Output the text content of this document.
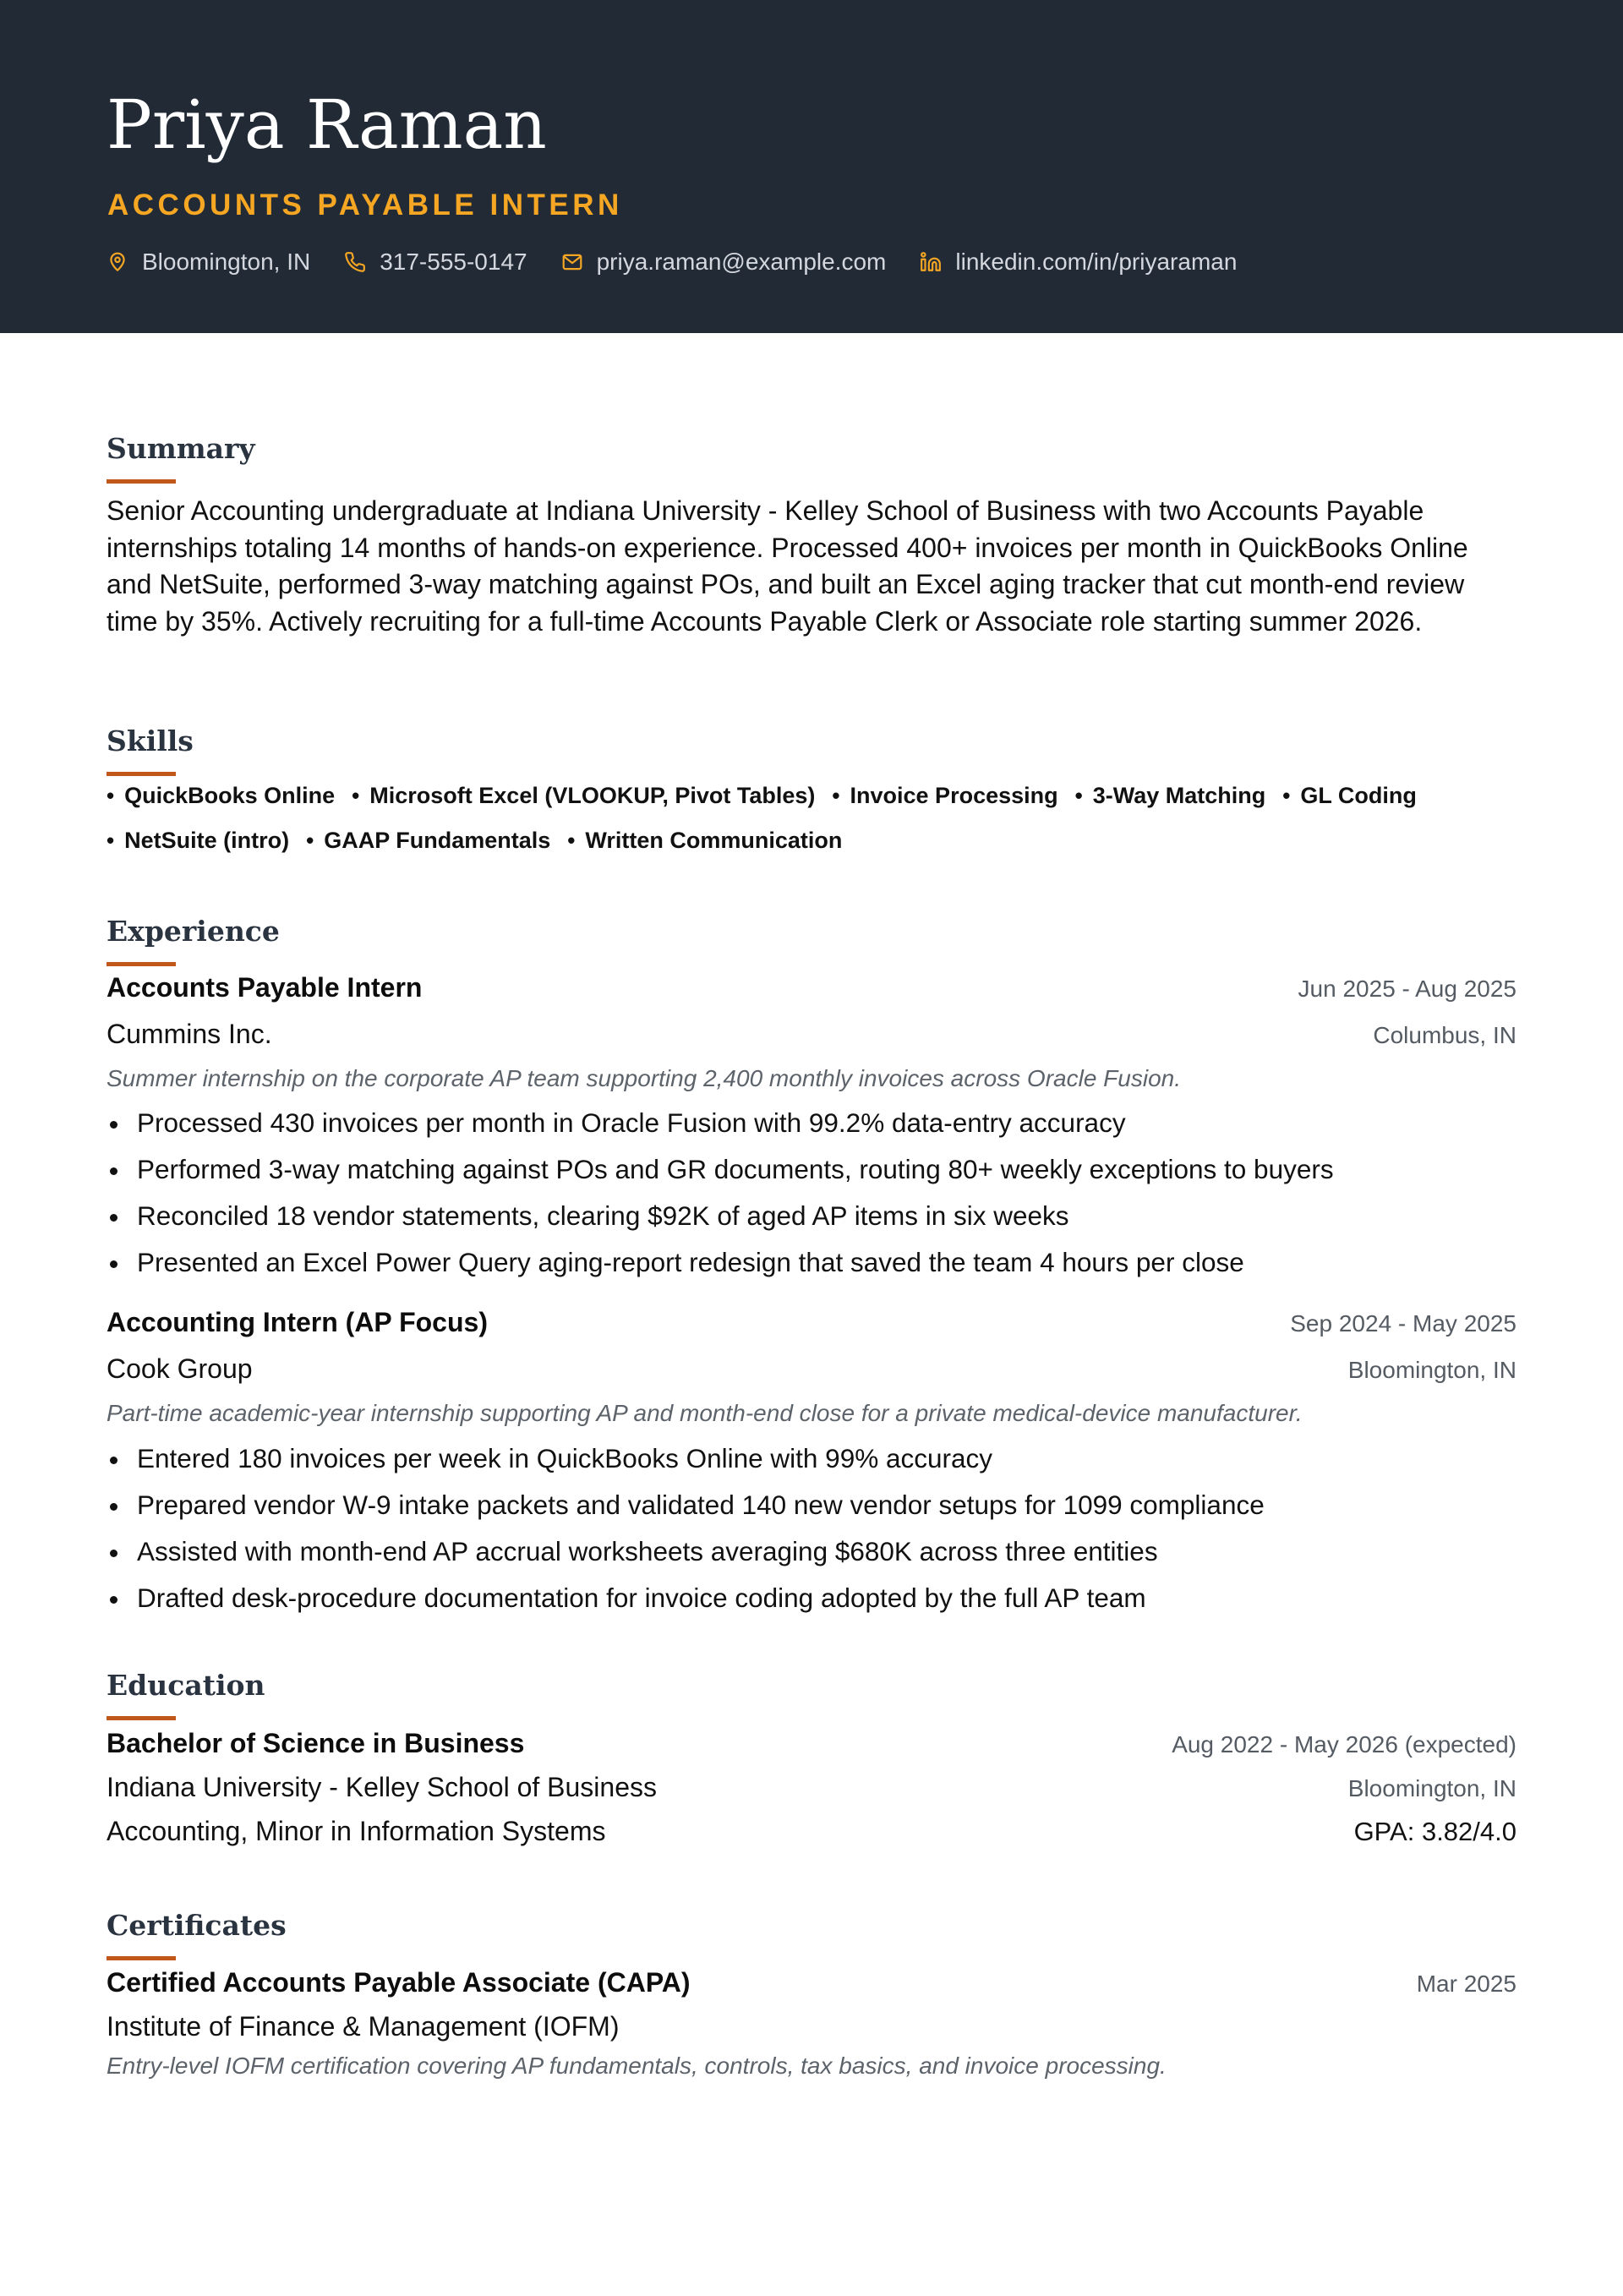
Priya Raman
ACCOUNTS PAYABLE INTERN
Bloomington, IN	317-555-0147	priya.raman@example.com	linkedin.com/in/priyaraman
Summary
Senior Accounting undergraduate at Indiana University - Kelley School of Business with two Accounts Payable internships totaling 14 months of hands-on experience. Processed 400+ invoices per month in QuickBooks Online and NetSuite, performed 3-way matching against POs, and built an Excel aging tracker that cut month-end review time by 35%. Actively recruiting for a full-time Accounts Payable Clerk or Associate role starting summer 2026.
Skills
• QuickBooks Online	• Microsoft Excel (VLOOKUP, Pivot Tables)	• Invoice Processing	• 3-Way Matching	• GL Coding
• NetSuite (intro)	• GAAP Fundamentals	• Written Communication
Experience
Accounts Payable Intern	Jun 2025 - Aug 2025
Cummins Inc.	Columbus, IN
Summer internship on the corporate AP team supporting 2,400 monthly invoices across Oracle Fusion.
Processed 430 invoices per month in Oracle Fusion with 99.2% data-entry accuracy
Performed 3-way matching against POs and GR documents, routing 80+ weekly exceptions to buyers
Reconciled 18 vendor statements, clearing $92K of aged AP items in six weeks
Presented an Excel Power Query aging-report redesign that saved the team 4 hours per close
Accounting Intern (AP Focus)	Sep 2024 - May 2025
Cook Group	Bloomington, IN
Part-time academic-year internship supporting AP and month-end close for a private medical-device manufacturer.
Entered 180 invoices per week in QuickBooks Online with 99% accuracy
Prepared vendor W-9 intake packets and validated 140 new vendor setups for 1099 compliance
Assisted with month-end AP accrual worksheets averaging $680K across three entities
Drafted desk-procedure documentation for invoice coding adopted by the full AP team
Education
Bachelor of Science in Business	Aug 2022 - May 2026 (expected)
Indiana University - Kelley School of Business	Bloomington, IN
Accounting, Minor in Information Systems	GPA: 3.82/4.0
Certificates
Certified Accounts Payable Associate (CAPA)	Mar 2025
Institute of Finance & Management (IOFM)
Entry-level IOFM certification covering AP fundamentals, controls, tax basics, and invoice processing.
